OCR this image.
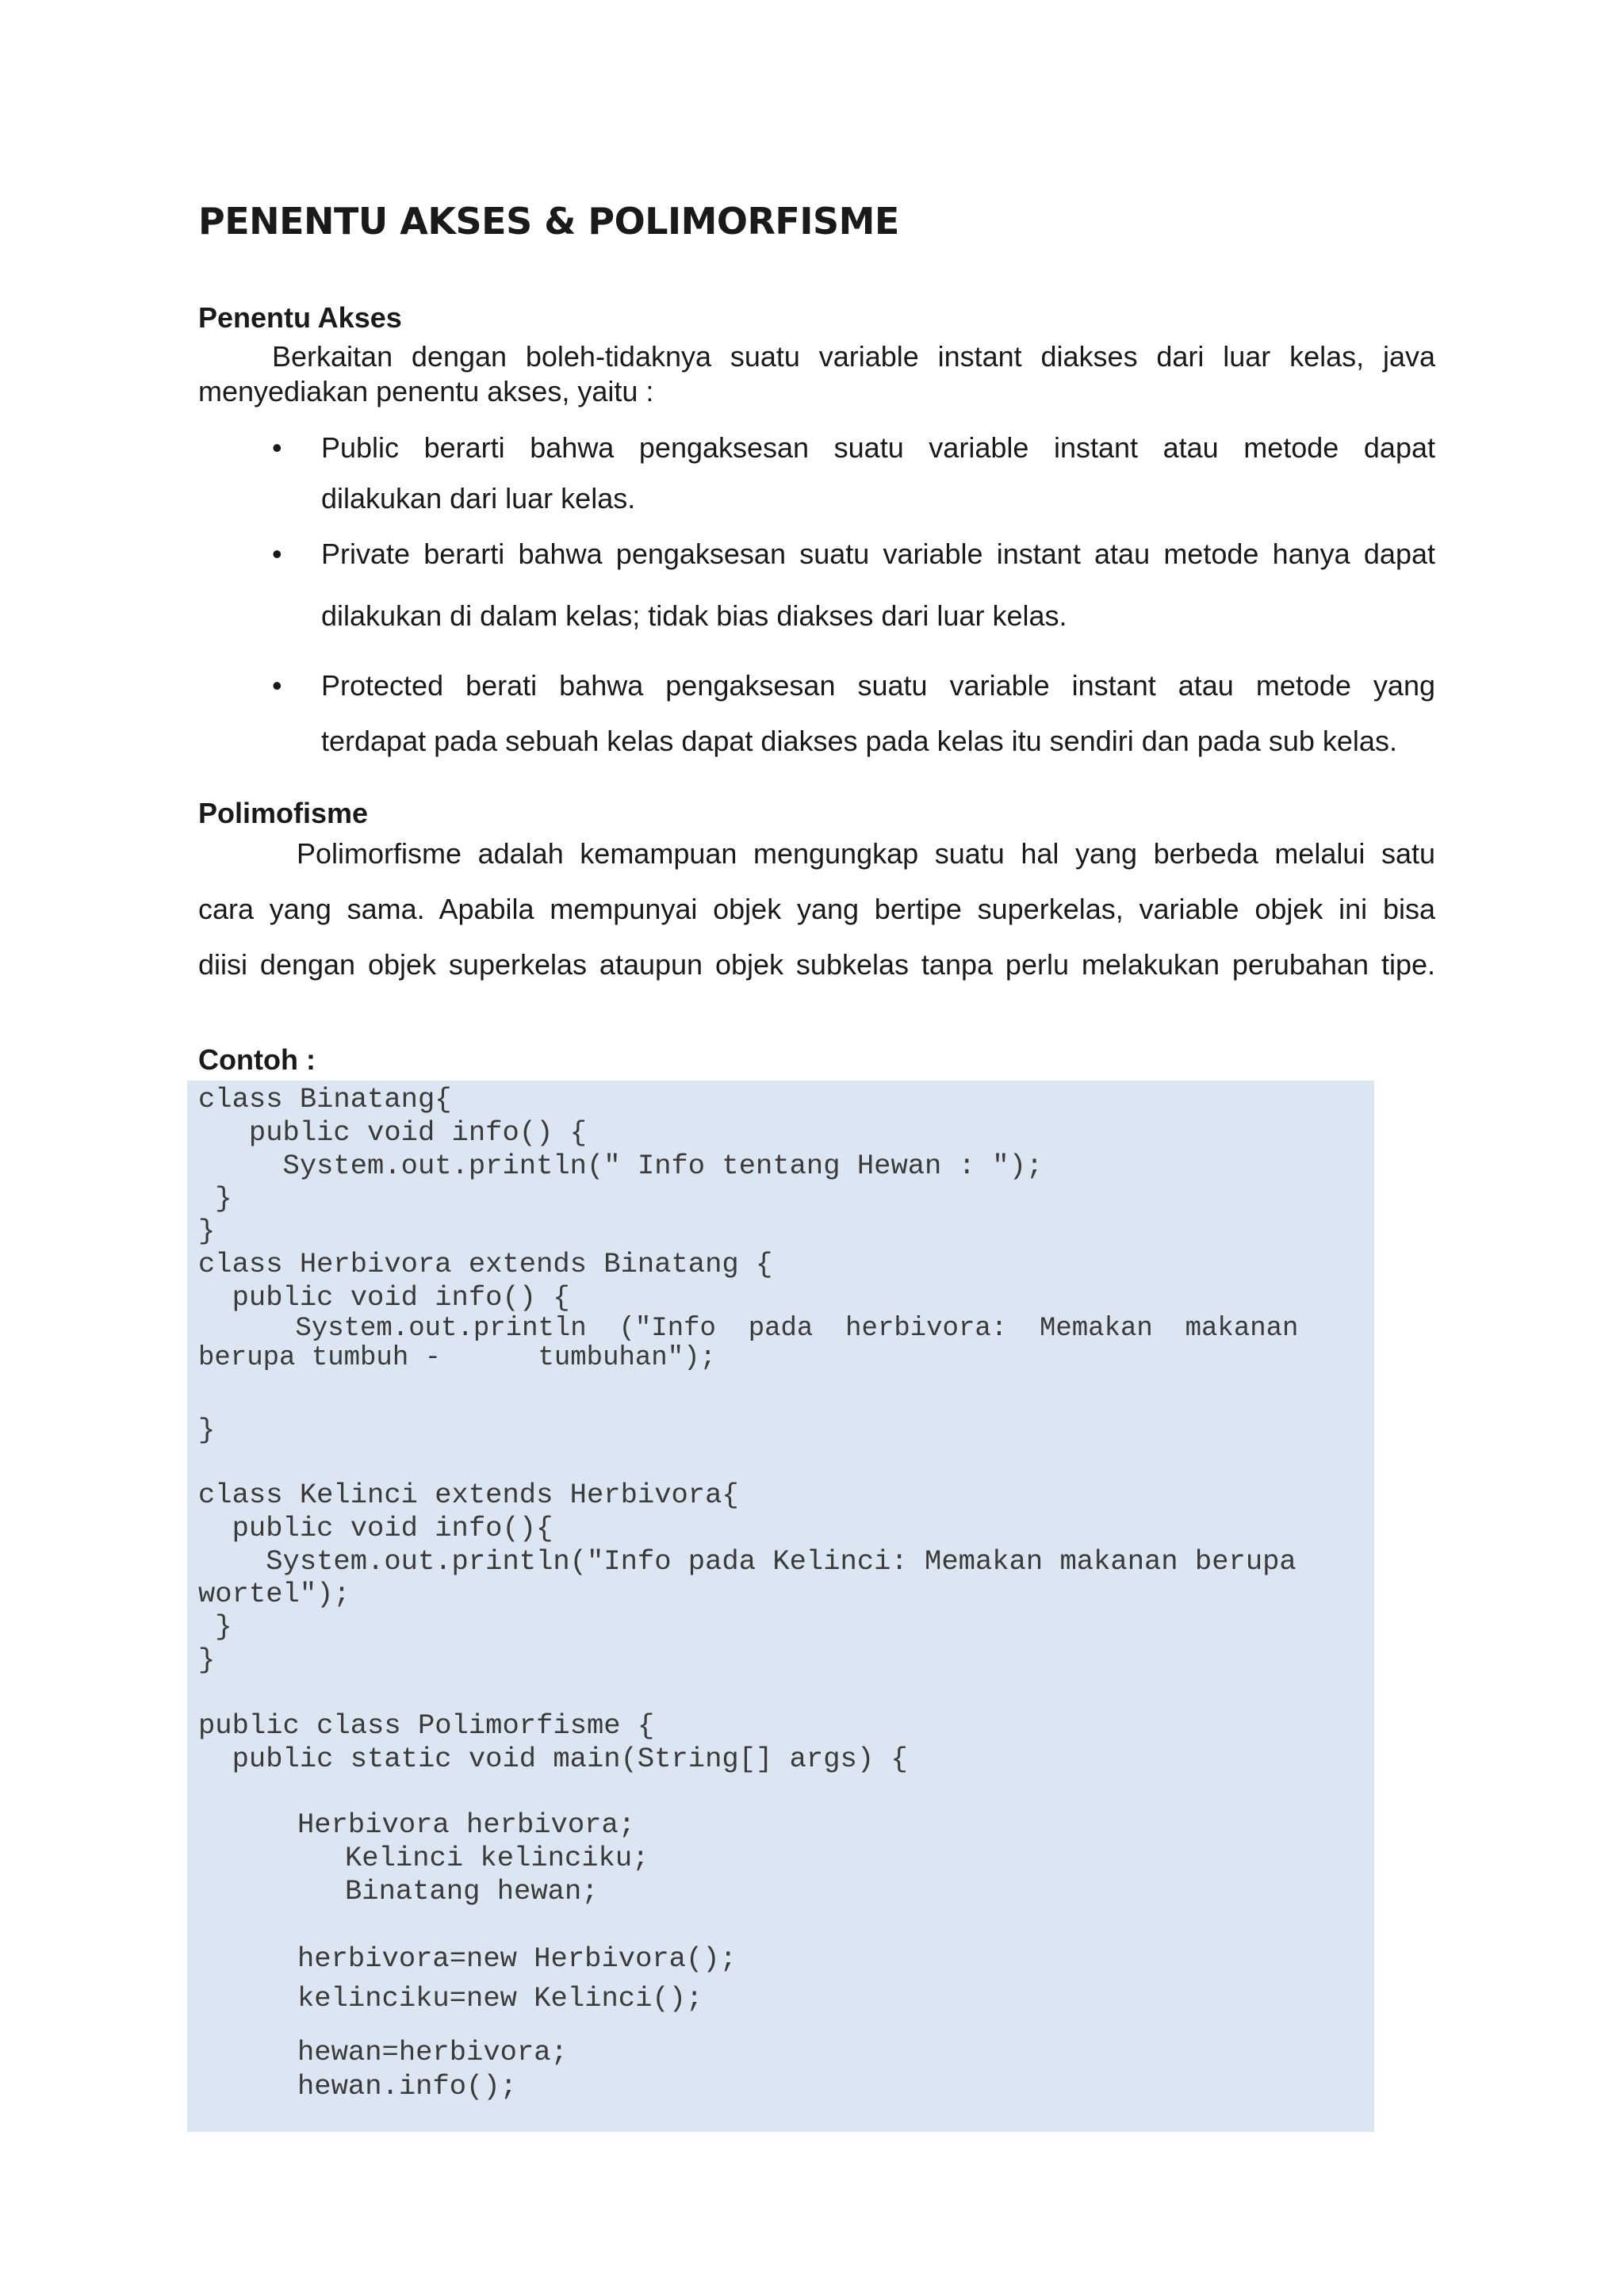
PENENTU AKSES & POLIMORFISME
Penentu Akses
Berkaitan dengan boleh-tidaknya suatu variable instant diakses dari luar kelas, java
menyediakan penentu akses, yaitu :
• Public berarti bahwa pengaksesan suatu variable instant atau metode dapat
dilakukan dari luar kelas.
• Private berarti bahwa pengaksesan suatu variable instant atau metode hanya dapat
dilakukan di dalam kelas; tidak bias diakses dari luar kelas.
• Protected berati bahwa pengaksesan suatu variable instant atau metode yang
terdapat pada sebuah kelas dapat diakses pada kelas itu sendiri dan pada sub kelas.
Polimofisme
Polimorfisme adalah kemampuan mengungkap suatu hal yang berbeda melalui satu
cara yang sama. Apabila mempunyai objek yang bertipe superkelas, variable objek ini bisa
diisi dengan objek superkelas ataupun objek subkelas tanpa perlu melakukan perubahan tipe.
Contoh :
class Binatang{
public void info() {
System.out.println(" Info tentang Hewan : ");
}
}
class Herbivora extends Binatang {
public void info() {
System.out.println  ("Info  pada  herbivora:  Memakan  makanan
berupa tumbuh -      tumbuhan");
}
class Kelinci extends Herbivora{
public void info(){
System.out.println("Info pada Kelinci: Memakan makanan berupa
wortel");
}
}
public class Polimorfisme {
public static void main(String[] args) {
Herbivora herbivora;
Kelinci kelinciku;
Binatang hewan;
herbivora=new Herbivora();
kelinciku=new Kelinci();
hewan=herbivora;
hewan.info();
